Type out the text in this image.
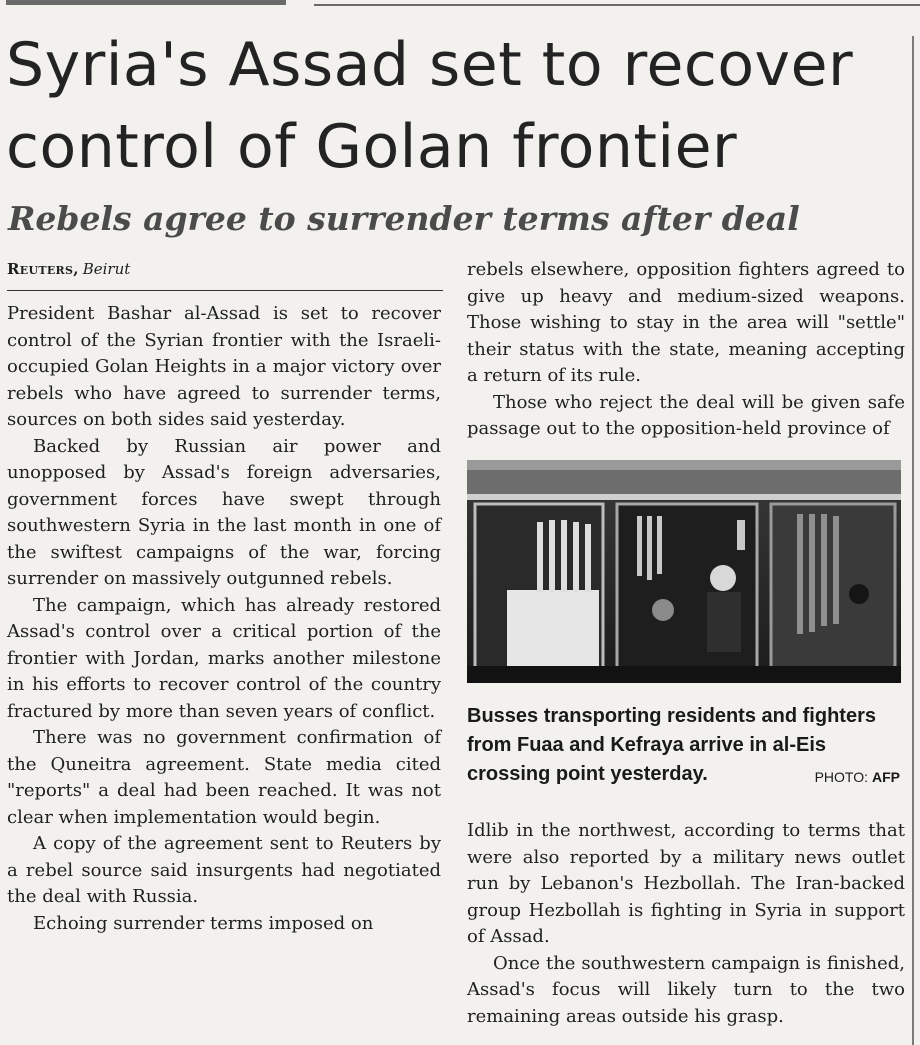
Syria's Assad set to recover control of Golan frontier
Rebels agree to surrender terms after deal
Reuters, Beirut

President Bashar al-Assad is set to recover control of the Syrian frontier with the Israeli-occupied Golan Heights in a major victory over rebels who have agreed to surrender terms, sources on both sides said yesterday.

Backed by Russian air power and unopposed by Assad's foreign adversaries, government forces have swept through southwestern Syria in the last month in one of the swiftest campaigns of the war, forcing surrender on massively outgunned rebels.

The campaign, which has already restored Assad's control over a critical portion of the frontier with Jordan, marks another milestone in his efforts to recover control of the country fractured by more than seven years of conflict.

There was no government confirmation of the Quneitra agreement. State media cited "reports" a deal had been reached. It was not clear when implementation would begin.

A copy of the agreement sent to Reuters by a rebel source said insurgents had negotiated the deal with Russia.

Echoing surrender terms imposed on

rebels elsewhere, opposition fighters agreed to give up heavy and medium-sized weapons. Those wishing to stay in the area will "settle" their status with the state, meaning accepting a return of its rule.

Those who reject the deal will be given safe passage out to the opposition-held province of

Busses transporting residents and fighters from Fuaa and Kefraya arrive in al-Eis crossing point yesterday.	PHOTO: AFP

Idlib in the northwest, according to terms that were also reported by a military news outlet run by Lebanon's Hezbollah. The Iran-backed group Hezbollah is fighting in Syria in support of Assad.

Once the southwestern campaign is finished, Assad's focus will likely turn to the two remaining areas outside his grasp.
